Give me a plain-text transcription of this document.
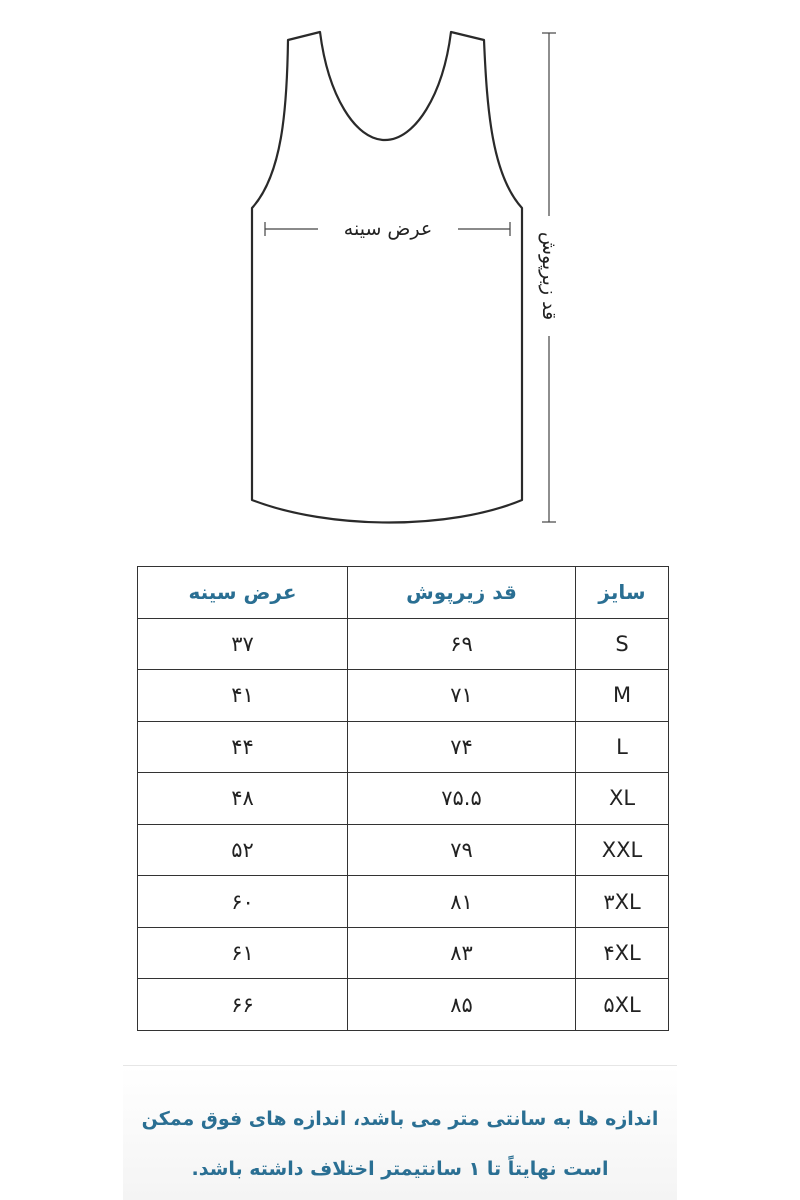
عرض سینه
قد زیرپوش
عرض سینه	قد زیرپوش	سایز
۳۷	۶۹	S
۴۱	۷۱	M
۴۴	۷۴	L
۴۸	۷۵.۵	XL
۵۲	۷۹	XXL
۶۰	۸۱	۳XL
۶۱	۸۳	۴XL
۶۶	۸۵	۵XL

اندازه ها به سانتی متر می باشد، اندازه های فوق ممکن

است نهایتاً تا ۱ سانتیمتر اختلاف داشته باشد.
